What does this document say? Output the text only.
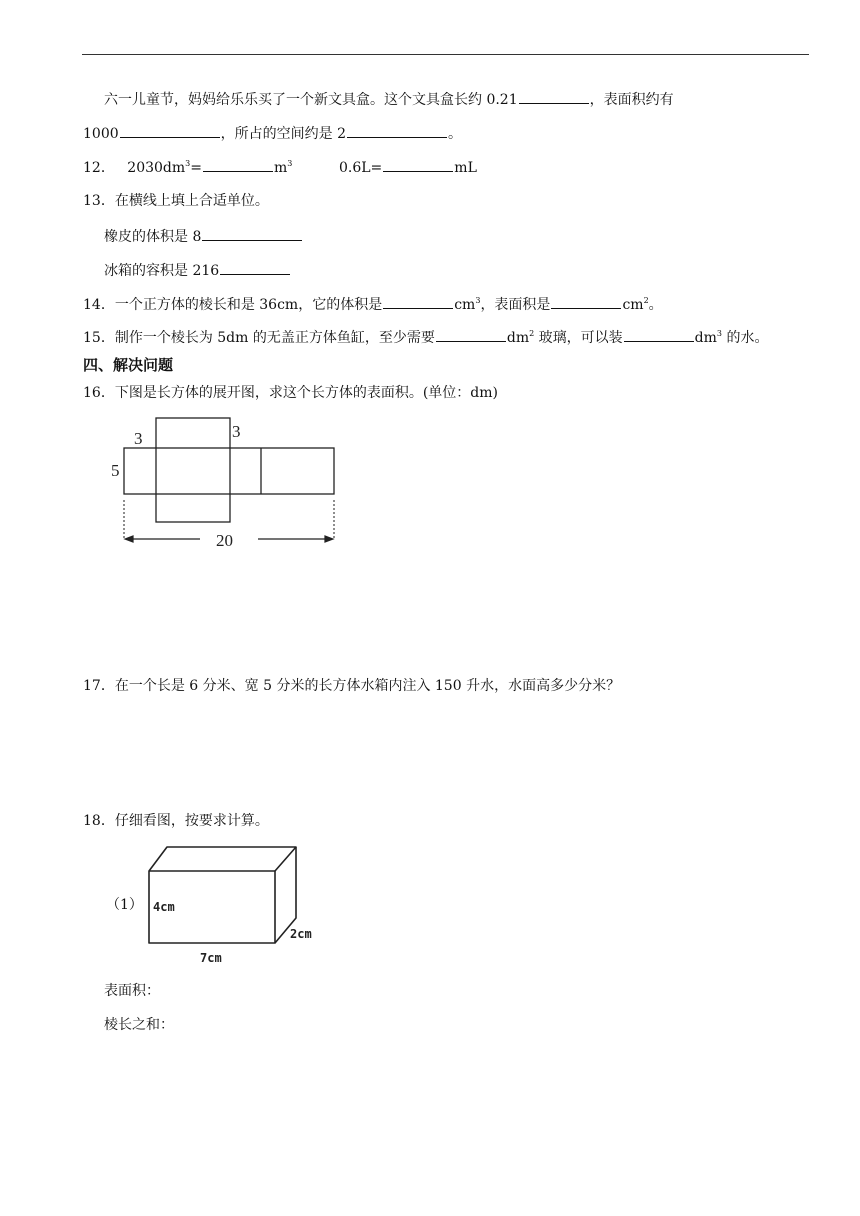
六一儿童节，妈妈给乐乐买了一个新文具盒。这个文具盒长约 0.21	，表面积约有
1000	，所占的空间约是 2	。
12． $2030dm^3=$	$m^3$	0.6L=	mL
13．在横线上填上合适单位。
橡皮的体积是 8
冰箱的容积是 216
14．一个正方体的棱长和是 36cm，它的体积是	$cm^3$，表面积是	$cm^2$。
15．制作一个棱长为 5dm 的无盖正方体鱼缸，至少需要	$dm^2$ 玻璃，可以装	$dm^3$ 的水。
四、解决问题
16．下图是长方体的展开图，求这个长方体的表面积。(单位：dm)
3	3
5
20
17．在一个长是 6 分米、宽 5 分米的长方体水箱内注入 150 升水，水面高多少分米？
18．仔细看图，按要求计算。
（1） 4cm
7cm
2cm
表面积：
棱长之和：
